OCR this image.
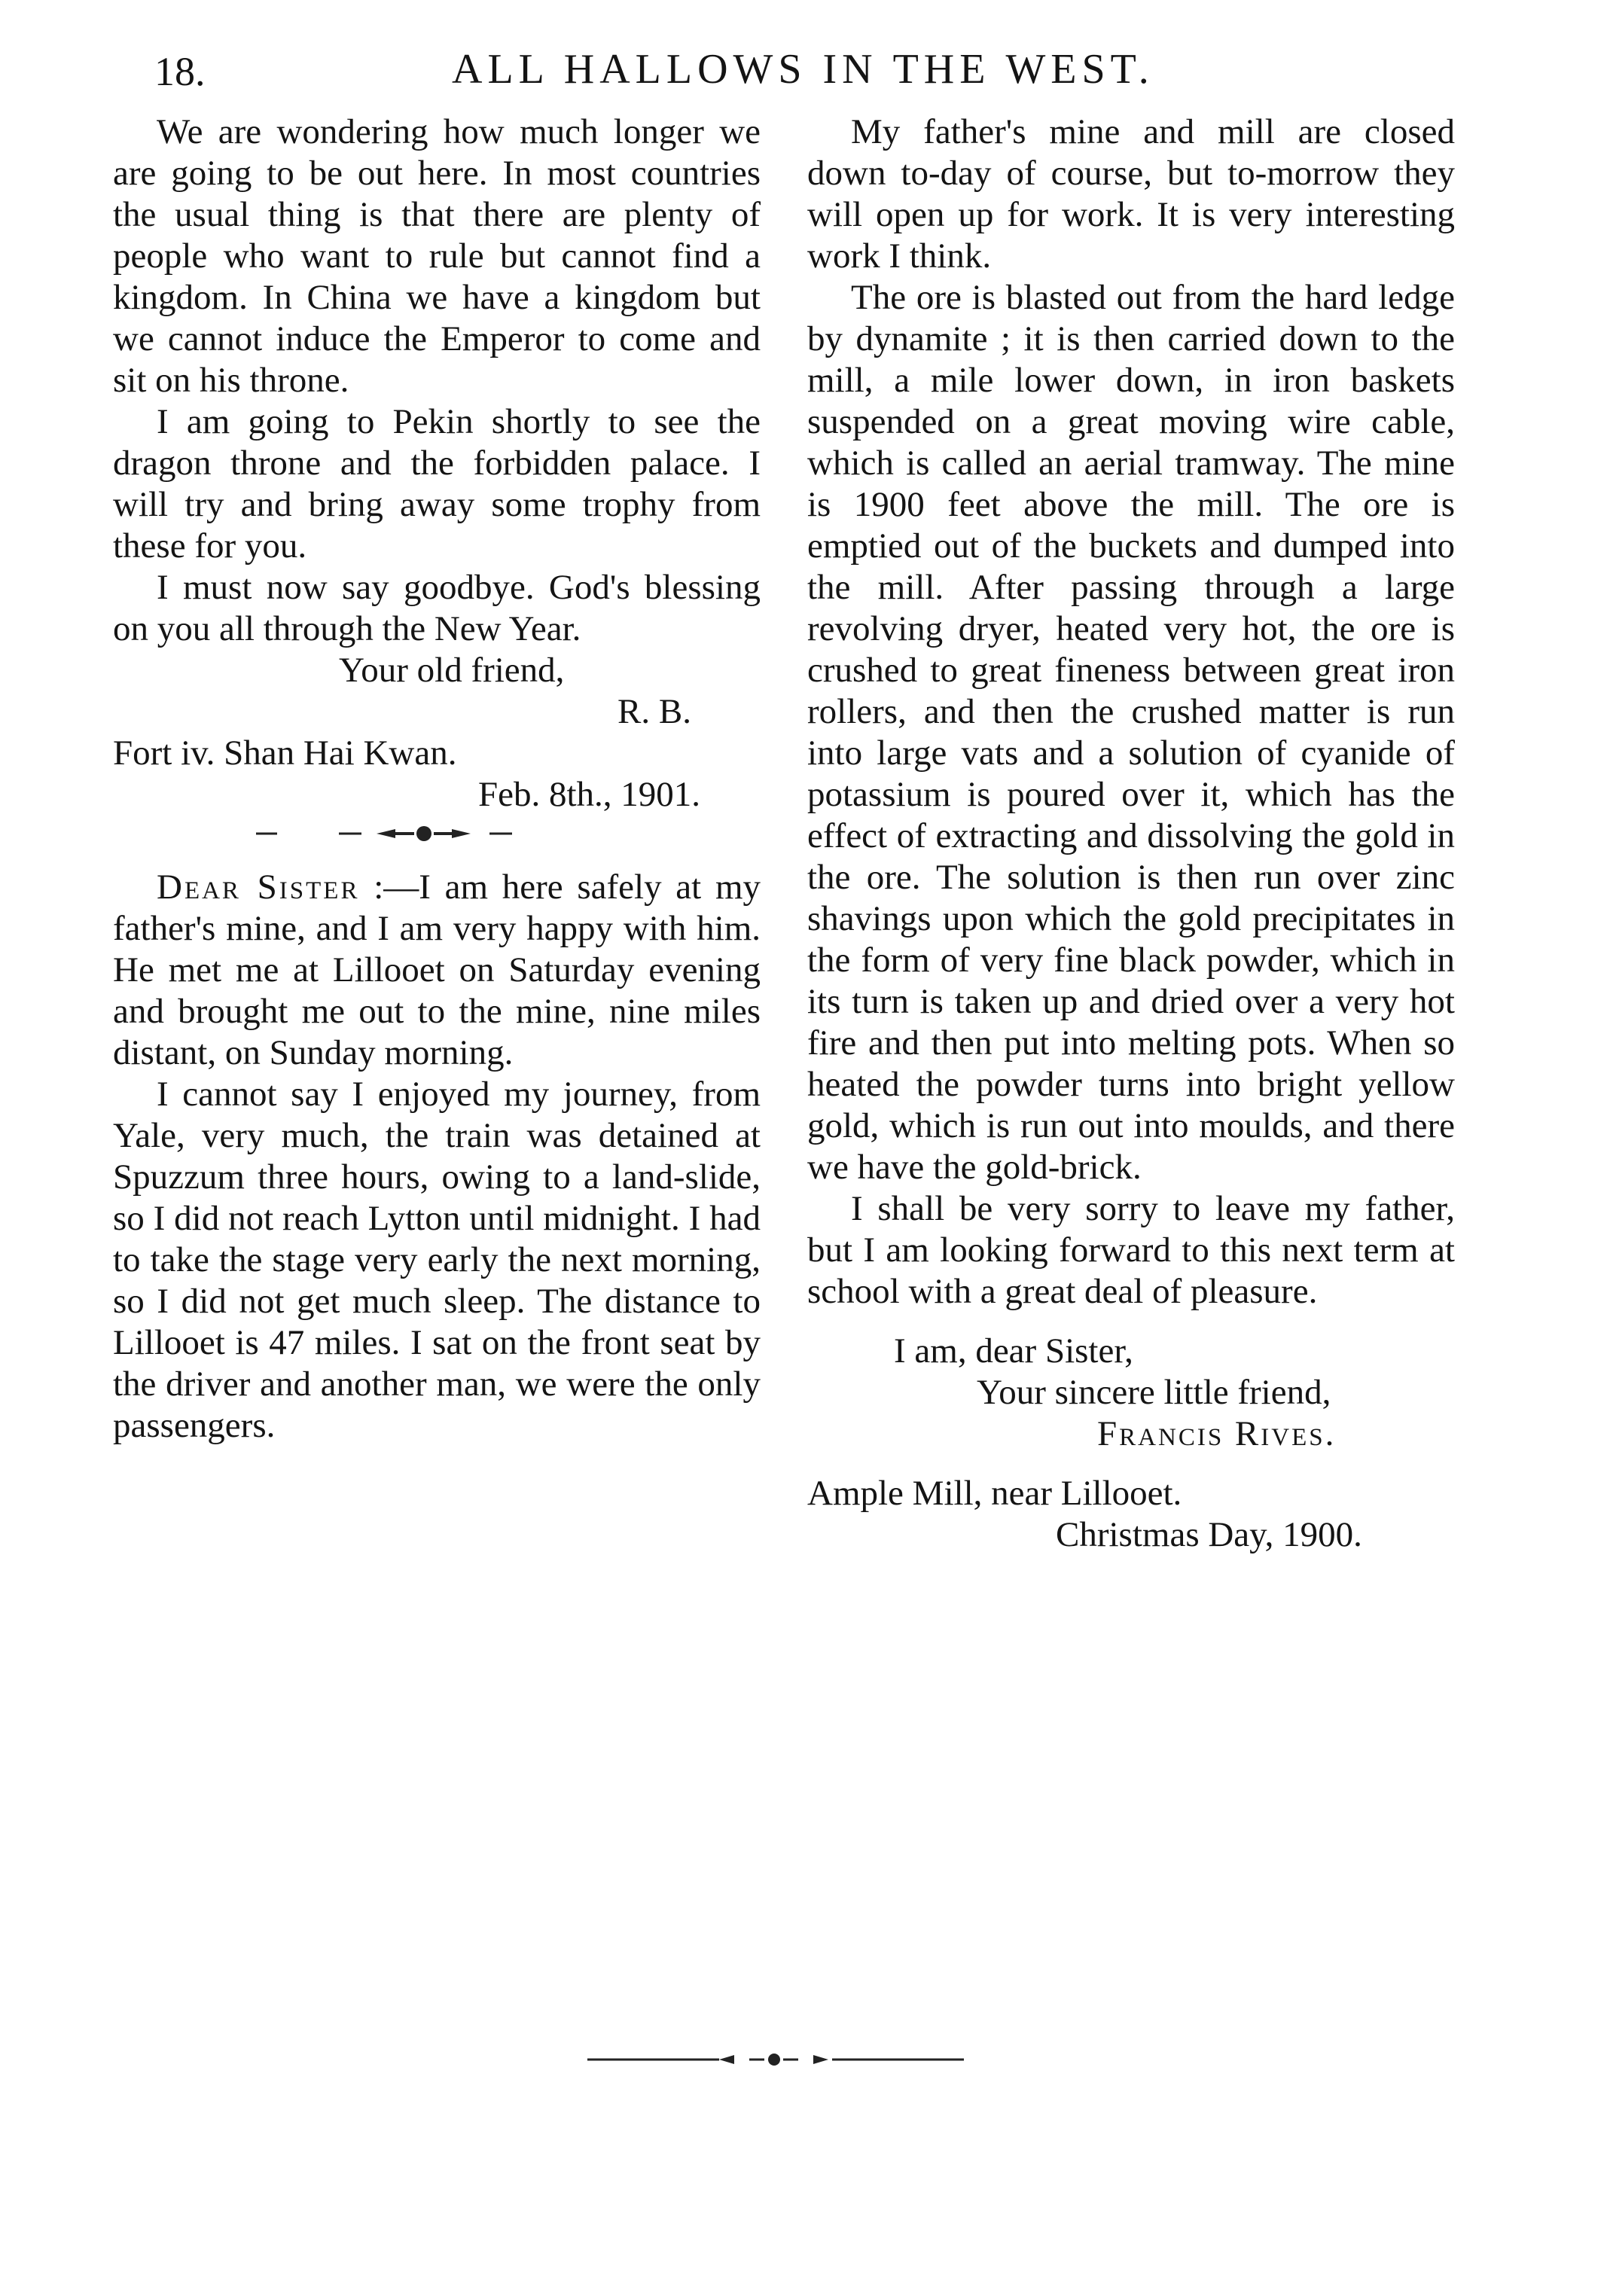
18.	ALL HALLOWS IN THE WEST.

We are wondering how much longer we are going to be out here. In most countries the usual thing is that there are plenty of people who want to rule but cannot find a kingdom. In China we have a kingdom but we cannot induce the Emperor to come and sit on his throne.

I am going to Pekin shortly to see the dragon throne and the forbidden palace. I will try and bring away some trophy from these for you.

I must now say goodbye. God's blessing on you all through the New Year.

Your old friend,
R. B.
Fort iv. Shan Hai Kwan.
Feb. 8th., 1901.

Dear Sister :—I am here safely at my father's mine, and I am very happy with him. He met me at Lillooet on Saturday evening and brought me out to the mine, nine miles distant, on Sunday morning.

I cannot say I enjoyed my journey, from Yale, very much, the train was detained at Spuzzum three hours, owing to a land-slide, so I did not reach Lytton until midnight. I had to take the stage very early the next morning, so I did not get much sleep. The distance to Lillooet is 47 miles. I sat on the front seat by the driver and another man, we were the only passengers.

My father's mine and mill are closed down to-day of course, but to-morrow they will open up for work. It is very interesting work I think.

The ore is blasted out from the hard ledge by dynamite ; it is then carried down to the mill, a mile lower down, in iron baskets suspended on a great moving wire cable, which is called an aerial tramway. The mine is 1900 feet above the mill. The ore is emptied out of the buckets and dumped into the mill. After passing through a large revolving dryer, heated very hot, the ore is crushed to great fineness between great iron rollers, and then the crushed matter is run into large vats and a solution of cyanide of potassium is poured over it, which has the effect of extracting and dissolving the gold in the ore. The solution is then run over zinc shavings upon which the gold precipitates in the form of very fine black powder, which in its turn is taken up and dried over a very hot fire and then put into melting pots. When so heated the powder turns into bright yellow gold, which is run out into moulds, and there we have the gold-brick.

I shall be very sorry to leave my father, but I am looking forward to this next term at school with a great deal of pleasure.

I am, dear Sister,
Your sincere little friend,
Francis Rives.
Ample Mill, near Lillooet.
Christmas Day, 1900.
